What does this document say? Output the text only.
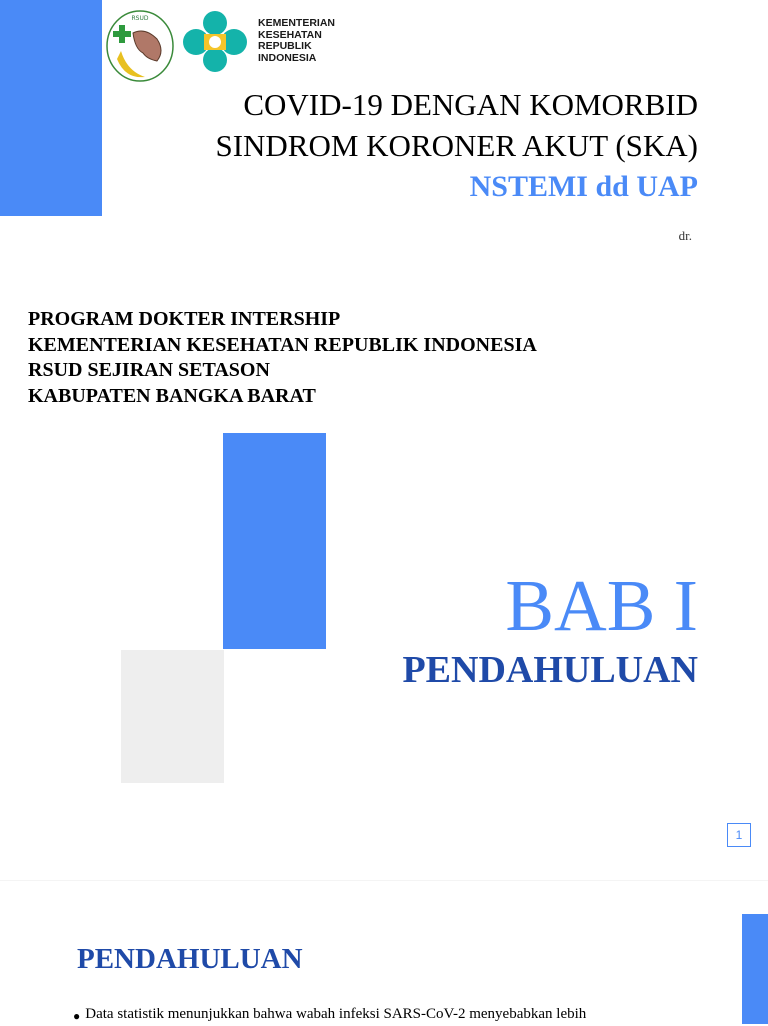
RSUD	KEMENTERIAN
KESEHATAN
REPUBLIK
INDONESIA
COVID-19 DENGAN KOMORBID
SINDROM KORONER AKUT (SKA)
NSTEMI dd UAP
dr.
PROGRAM DOKTER INTERSHIP
KEMENTERIAN KESEHATAN REPUBLIK INDONESIA
RSUD SEJIRAN SETASON
KABUPATEN BANGKA BARAT
BAB I
PENDAHULUAN
1
PENDAHULUAN
● Data statistik menunjukkan bahwa wabah infeksi SARS-CoV-2 menyebabkan lebih
